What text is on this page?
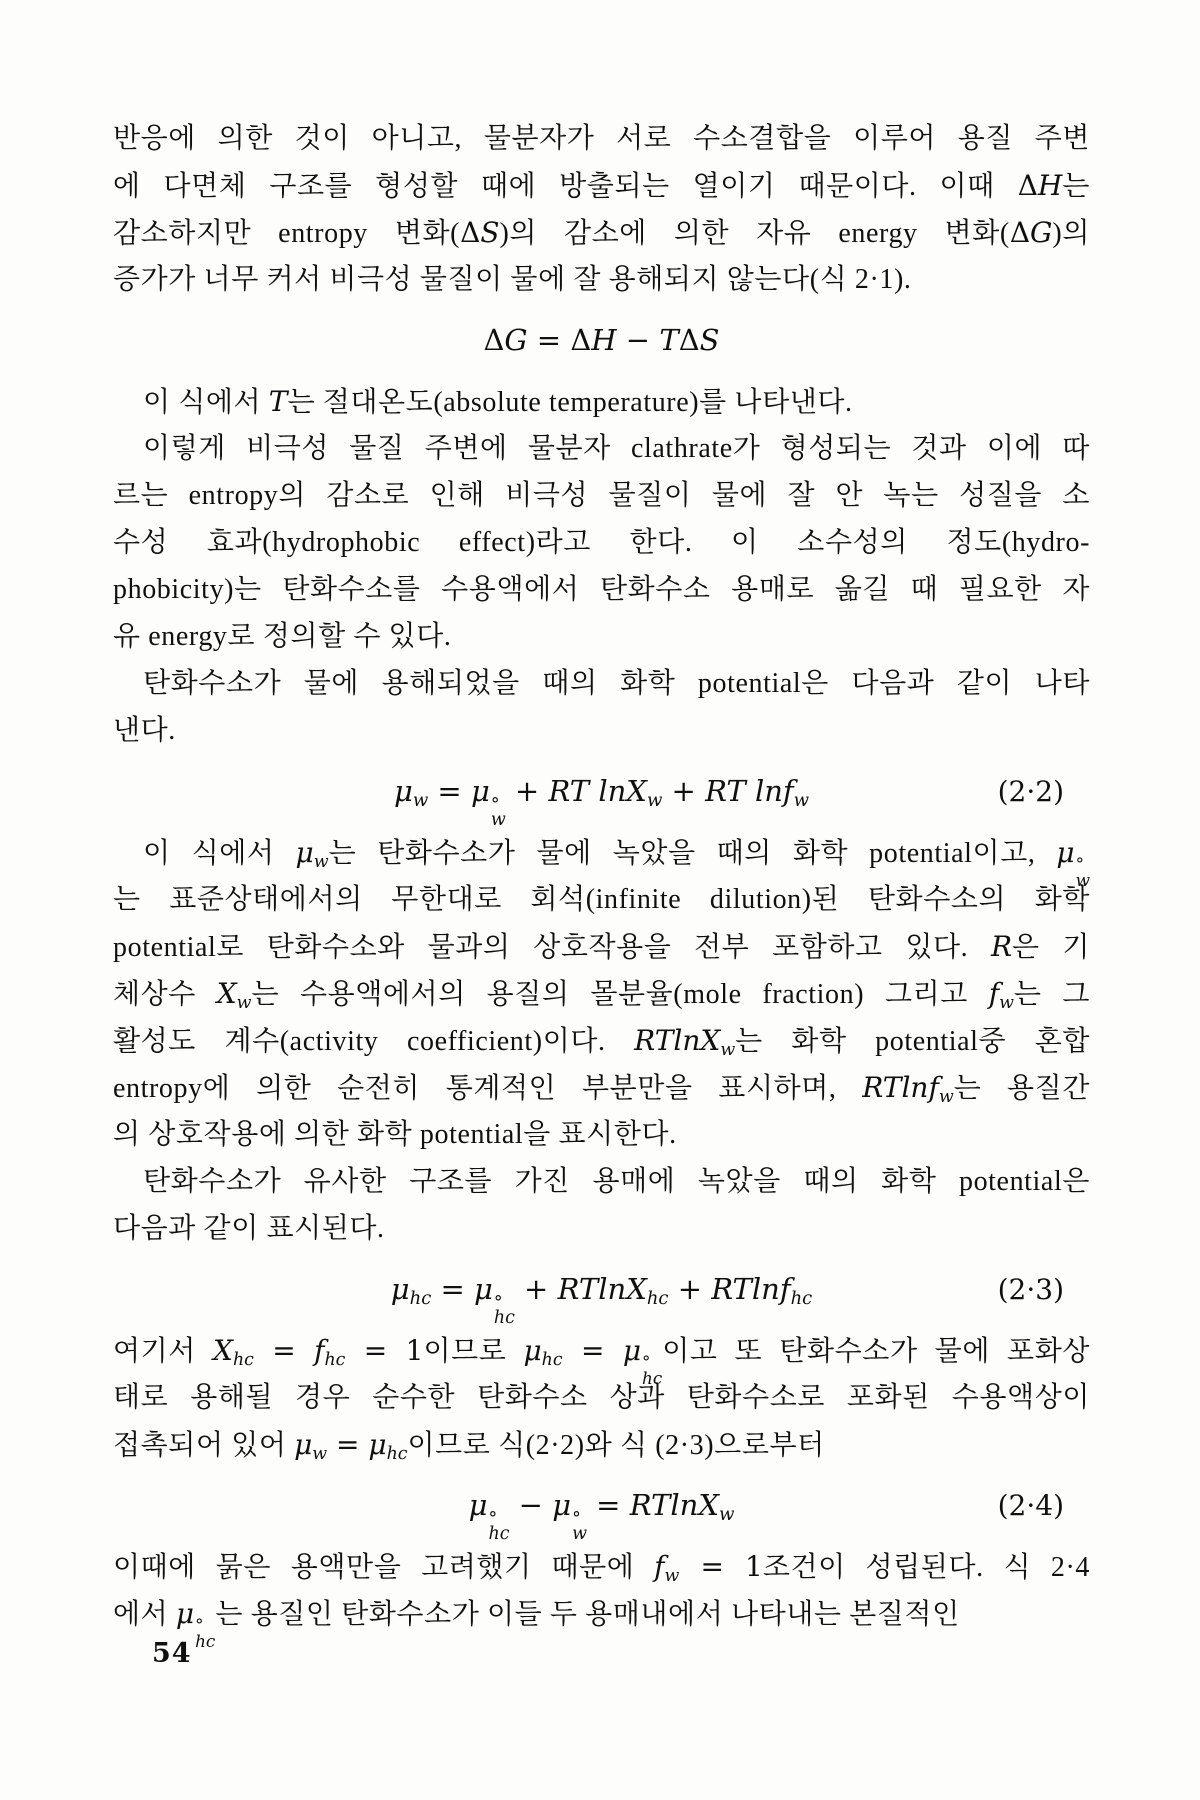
반응에 의한 것이 아니고, 물분자가 서로 수소결합을 이루어 용질 주변
에 다면체 구조를 형성할 때에 방출되는 열이기 때문이다. 이때 ΔH는
감소하지만 entropy 변화(ΔS)의 감소에 의한 자유 energy 변화(ΔG)의
증가가 너무 커서 비극성 물질이 물에 잘 용해되지 않는다(식 2·1).
ΔG = ΔH − TΔS
이 식에서 T는 절대온도(absolute temperature)를 나타낸다.
이렇게 비극성 물질 주변에 물분자 clathrate가 형성되는 것과 이에 따
르는 entropy의 감소로 인해 비극성 물질이 물에 잘 안 녹는 성질을 소
수성 효과(hydrophobic effect)라고 한다. 이 소수성의 정도(hydro-
phobicity)는 탄화수소를 수용액에서 탄화수소 용매로 옮길 때 필요한 자
유 energy로 정의할 수 있다.
탄화수소가 물에 용해되었을 때의 화학 potential은 다음과 같이 나타
낸다.
$\mu_w = \mu$ °
w
+ RT lnX$_w$ + RT lnf$_w$	(2·2)
이 식에서 $\mu_w$는 탄화수소가 물에 녹았을 때의 화학 potential이고, μ °
w
는 표준상태에서의 무한대로 회석(infinite dilution)된 탄화수소의 화학
potential로 탄화수소와 물과의 상호작용을 전부 포함하고 있다. R은 기
체상수 $X_w$는 수용액에서의 용질의 몰분율(mole fraction) 그리고 $f_w$는 그
활성도 계수(activity coefficient)이다. RTlnX$_w$는 화학 potential중 혼합
entropy에 의한 순전히 통계적인 부분만을 표시하며, RTlnf$_w$는 용질간
의 상호작용에 의한 화학 potential을 표시한다.
탄화수소가 유사한 구조를 가진 용매에 녹았을 때의 화학 potential은
다음과 같이 표시된다.
$\mu_{hc} = \mu$ °
hc
+ RTlnX$_{hc}$ + RTlnf$_{hc}$	(2·3)
여기서 $X_{hc} = f_{hc} = 1$이므로 $\mu_{hc} = \mu$ °
hc
이고 또 탄화수소가 물에 포화상
태로 용해될 경우 순수한 탄화수소 상과 탄화수소로 포화된 수용액상이
접촉되어 있어 $\mu_w = \mu_{hc}$이므로 식(2·2)와 식 (2·3)으로부터
μ °
hc
− μ °
w
= RTlnX$_w$	(2·4)
이때에 묽은 용액만을 고려했기 때문에 $f_w = 1$조건이 성립된다. 식 2·4
에서 μ °
hc
는 용질인 탄화수소가 이들 두 용매내에서 나타내는 본질적인
54
